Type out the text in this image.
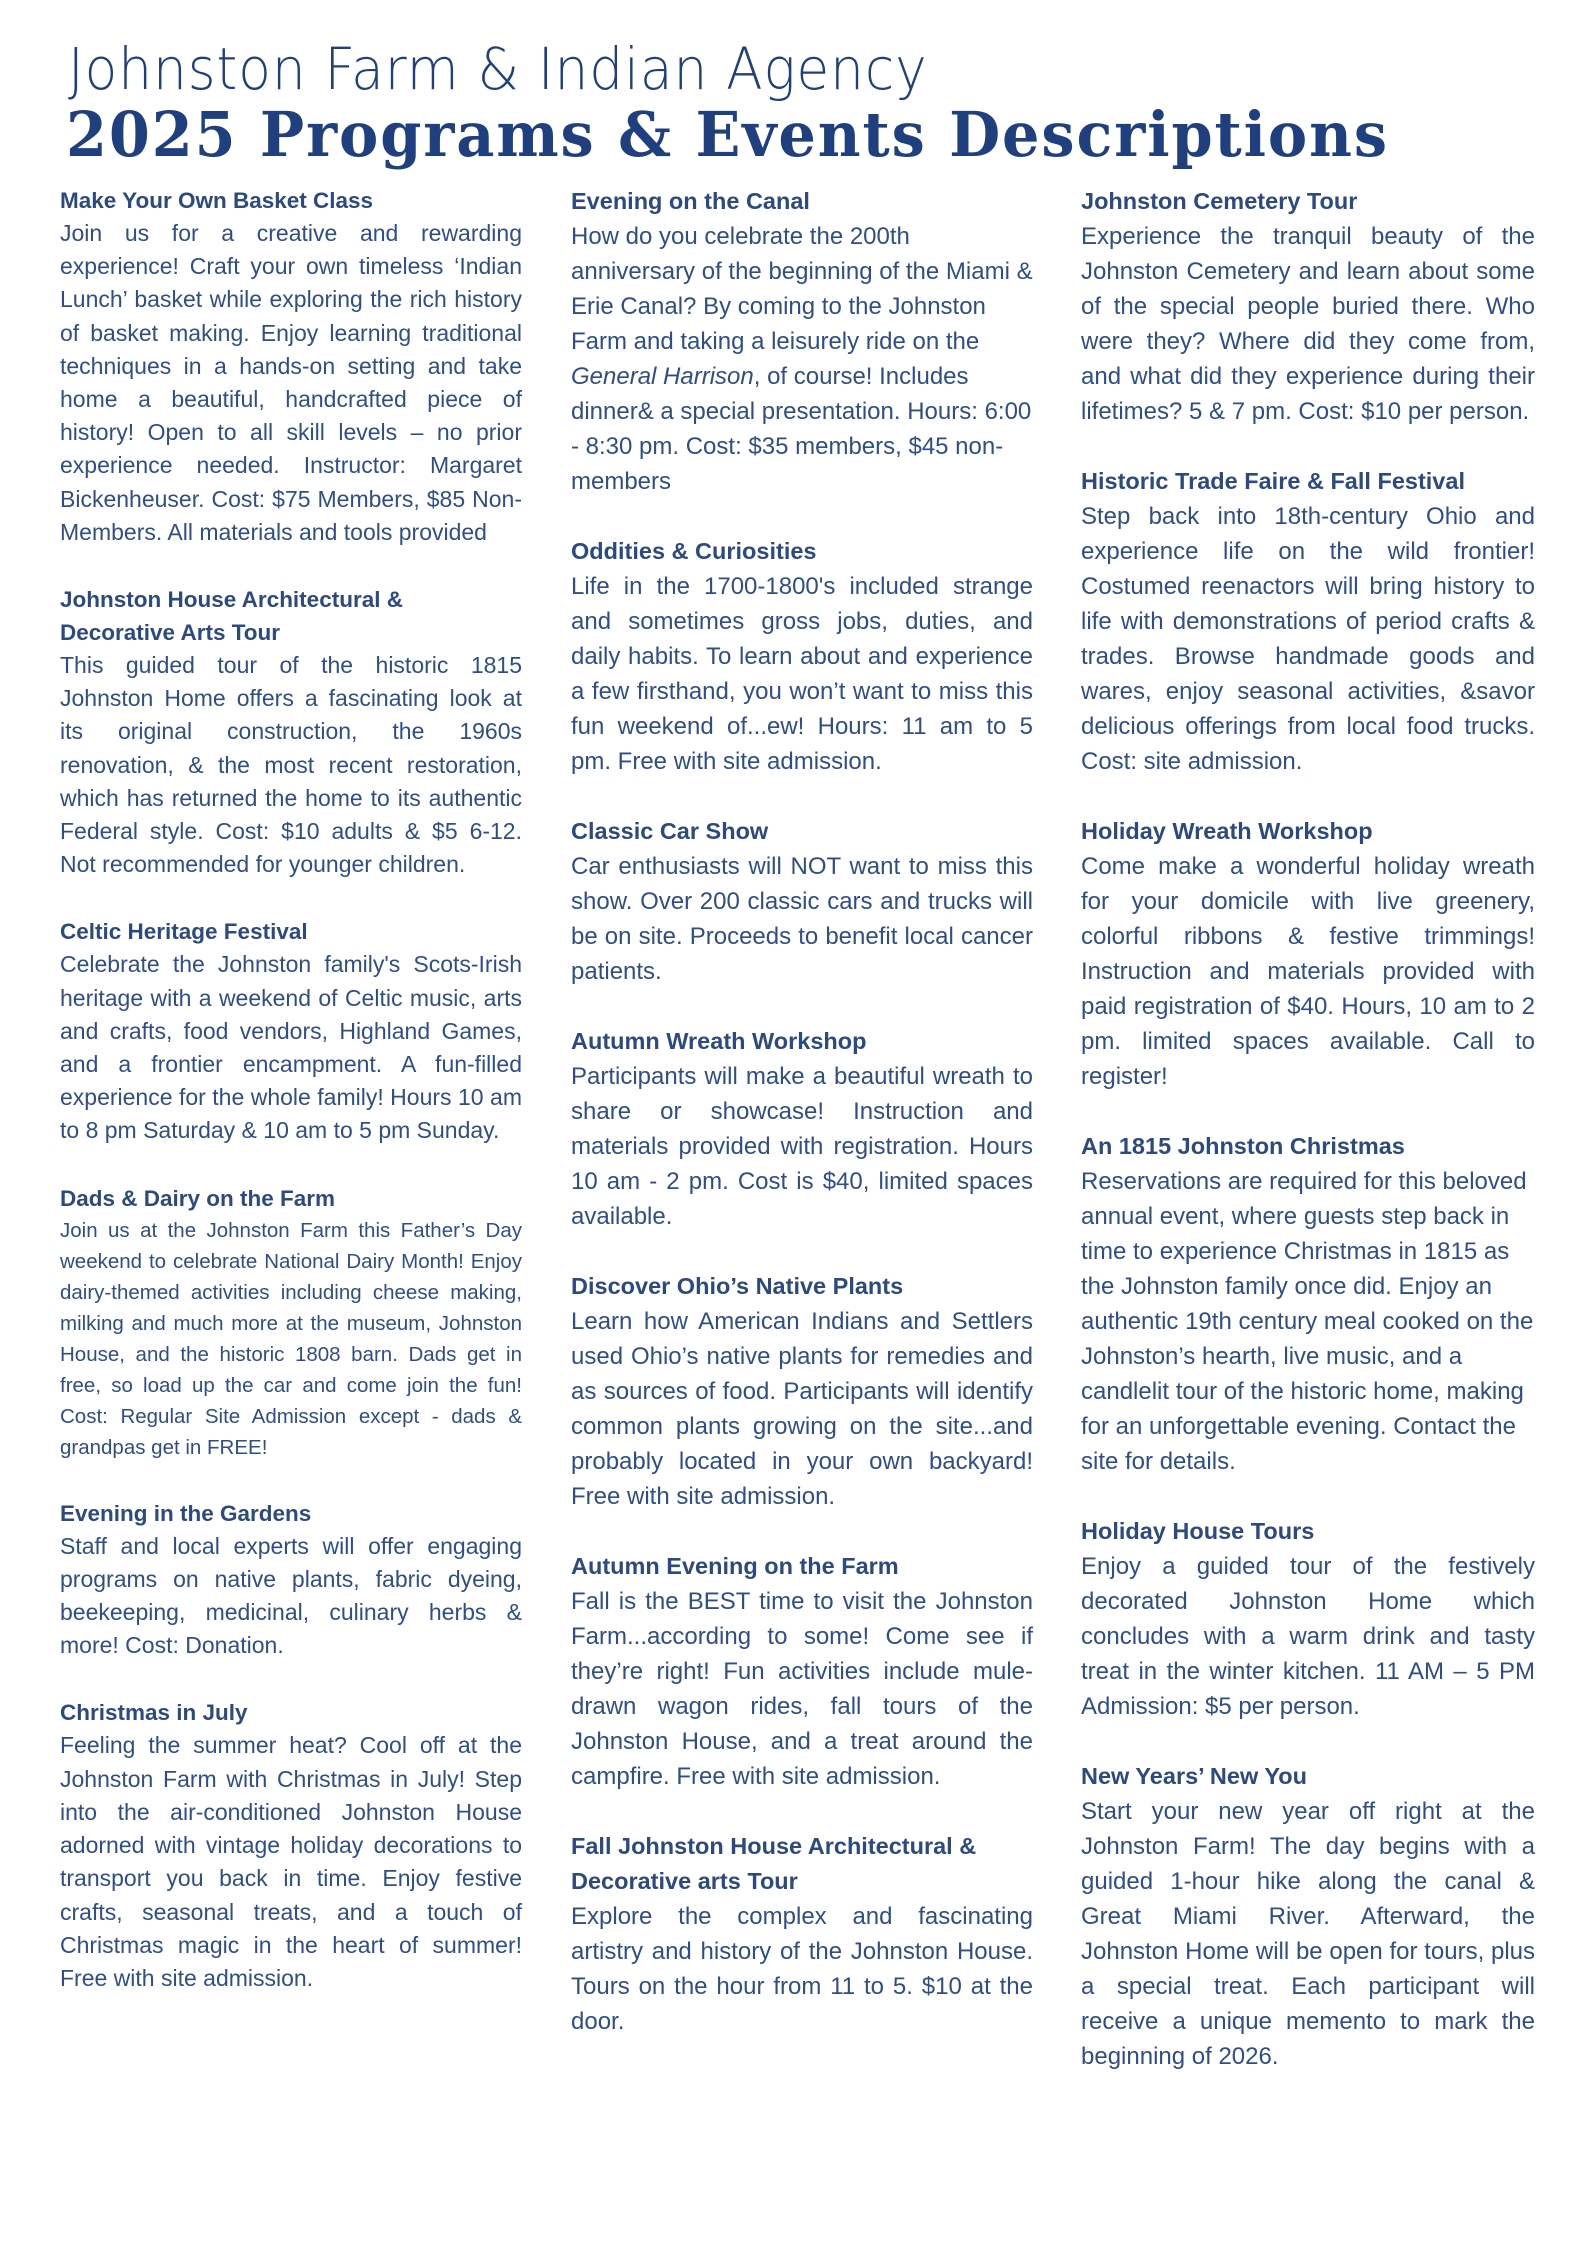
Johnston Farm & Indian Agency
2025 Programs & Events Descriptions
Make Your Own Basket Class

Join us for a creative and rewarding experience! Craft your own timeless ‘Indian Lunch’ basket while exploring the rich history of basket making. Enjoy learning traditional techniques in a hands-on setting and take home a beautiful, handcrafted piece of history! Open to all skill levels – no prior experience needed. Instructor: Margaret Bickenheuser. Cost: $75 Members, $85 Non-Members. All materials and tools provided

Johnston House Architectural & Decorative Arts Tour

This guided tour of the historic 1815 Johnston Home offers a fascinating look at its original construction, the 1960s renovation, & the most recent restoration, which has returned the home to its authentic Federal style. Cost: $10 adults & $5 6-12. Not recommended for younger children.

Celtic Heritage Festival

Celebrate the Johnston family's Scots-Irish heritage with a weekend of Celtic music, arts and crafts, food vendors, Highland Games, and a frontier encampment. A fun-filled experience for the whole family! Hours 10 am to 8 pm Saturday & 10 am to 5 pm Sunday.

Dads & Dairy on the Farm

Join us at the Johnston Farm this Father’s Day weekend to celebrate National Dairy Month! Enjoy dairy-themed activities including cheese making, milking and much more at the museum, Johnston House, and the historic 1808 barn. Dads get in free, so load up the car and come join the fun! Cost: Regular Site Admission except - dads & grandpas get in FREE!

Evening in the Gardens

Staff and local experts will offer engaging programs on native plants, fabric dyeing, beekeeping, medicinal, culinary herbs & more! Cost: Donation.

Christmas in July

Feeling the summer heat? Cool off at the Johnston Farm with Christmas in July! Step into the air-conditioned Johnston House adorned with vintage holiday decorations to transport you back in time. Enjoy festive crafts, seasonal treats, and a touch of Christmas magic in the heart of summer! Free with site admission.

Evening on the Canal

How do you celebrate the 200th anniversary of the beginning of the Miami & Erie Canal? By coming to the Johnston Farm and taking a leisurely ride on the General Harrison, of course! Includes dinner& a special presentation. Hours: 6:00 - 8:30 pm. Cost: $35 members, $45 non-members

Oddities & Curiosities

Life in the 1700-1800's included strange and sometimes gross jobs, duties, and daily habits. To learn about and experience a few firsthand, you won’t want to miss this fun weekend of...ew! Hours: 11 am to 5 pm. Free with site admission.

Classic Car Show

Car enthusiasts will NOT want to miss this show. Over 200 classic cars and trucks will be on site. Proceeds to benefit local cancer patients.

Autumn Wreath Workshop

Participants will make a beautiful wreath to share or showcase! Instruction and materials provided with registration. Hours 10 am - 2 pm. Cost is $40, limited spaces available.

Discover Ohio’s Native Plants

Learn how American Indians and Settlers used Ohio’s native plants for remedies and as sources of food. Participants will identify common plants growing on the site...and probably located in your own backyard! Free with site admission.

Autumn Evening on the Farm

Fall is the BEST time to visit the Johnston Farm...according to some! Come see if they’re right! Fun activities include mule-drawn wagon rides, fall tours of the Johnston House, and a treat around the campfire. Free with site admission.

Fall Johnston House Architectural & Decorative arts Tour

Explore the complex and fascinating artistry and history of the Johnston House. Tours on the hour from 11 to 5. $10 at the door.

Johnston Cemetery Tour

Experience the tranquil beauty of the Johnston Cemetery and learn about some of the special people buried there. Who were they? Where did they come from, and what did they experience during their lifetimes? 5 & 7 pm. Cost: $10 per person.

Historic Trade Faire & Fall Festival

Step back into 18th-century Ohio and experience life on the wild frontier! Costumed reenactors will bring history to life with demonstrations of period crafts & trades. Browse handmade goods and wares, enjoy seasonal activities, &savor delicious offerings from local food trucks. Cost: site admission.

Holiday Wreath Workshop

Come make a wonderful holiday wreath for your domicile with live greenery, colorful ribbons & festive trimmings! Instruction and materials provided with paid registration of $40. Hours, 10 am to 2 pm. limited spaces available. Call to register!

An 1815 Johnston Christmas

Reservations are required for this beloved annual event, where guests step back in time to experience Christmas in 1815 as the Johnston family once did. Enjoy an authentic 19th century meal cooked on the Johnston’s hearth, live music, and a candlelit tour of the historic home, making for an unforgettable evening. Contact the site for details.

Holiday House Tours

Enjoy a guided tour of the festively decorated Johnston Home which concludes with a warm drink and tasty treat in the winter kitchen. 11 AM – 5 PM Admission: $5 per person.

New Years’ New You

Start your new year off right at the Johnston Farm! The day begins with a guided 1-hour hike along the canal & Great Miami River. Afterward, the Johnston Home will be open for tours, plus a special treat. Each participant will receive a unique memento to mark the beginning of 2026.
